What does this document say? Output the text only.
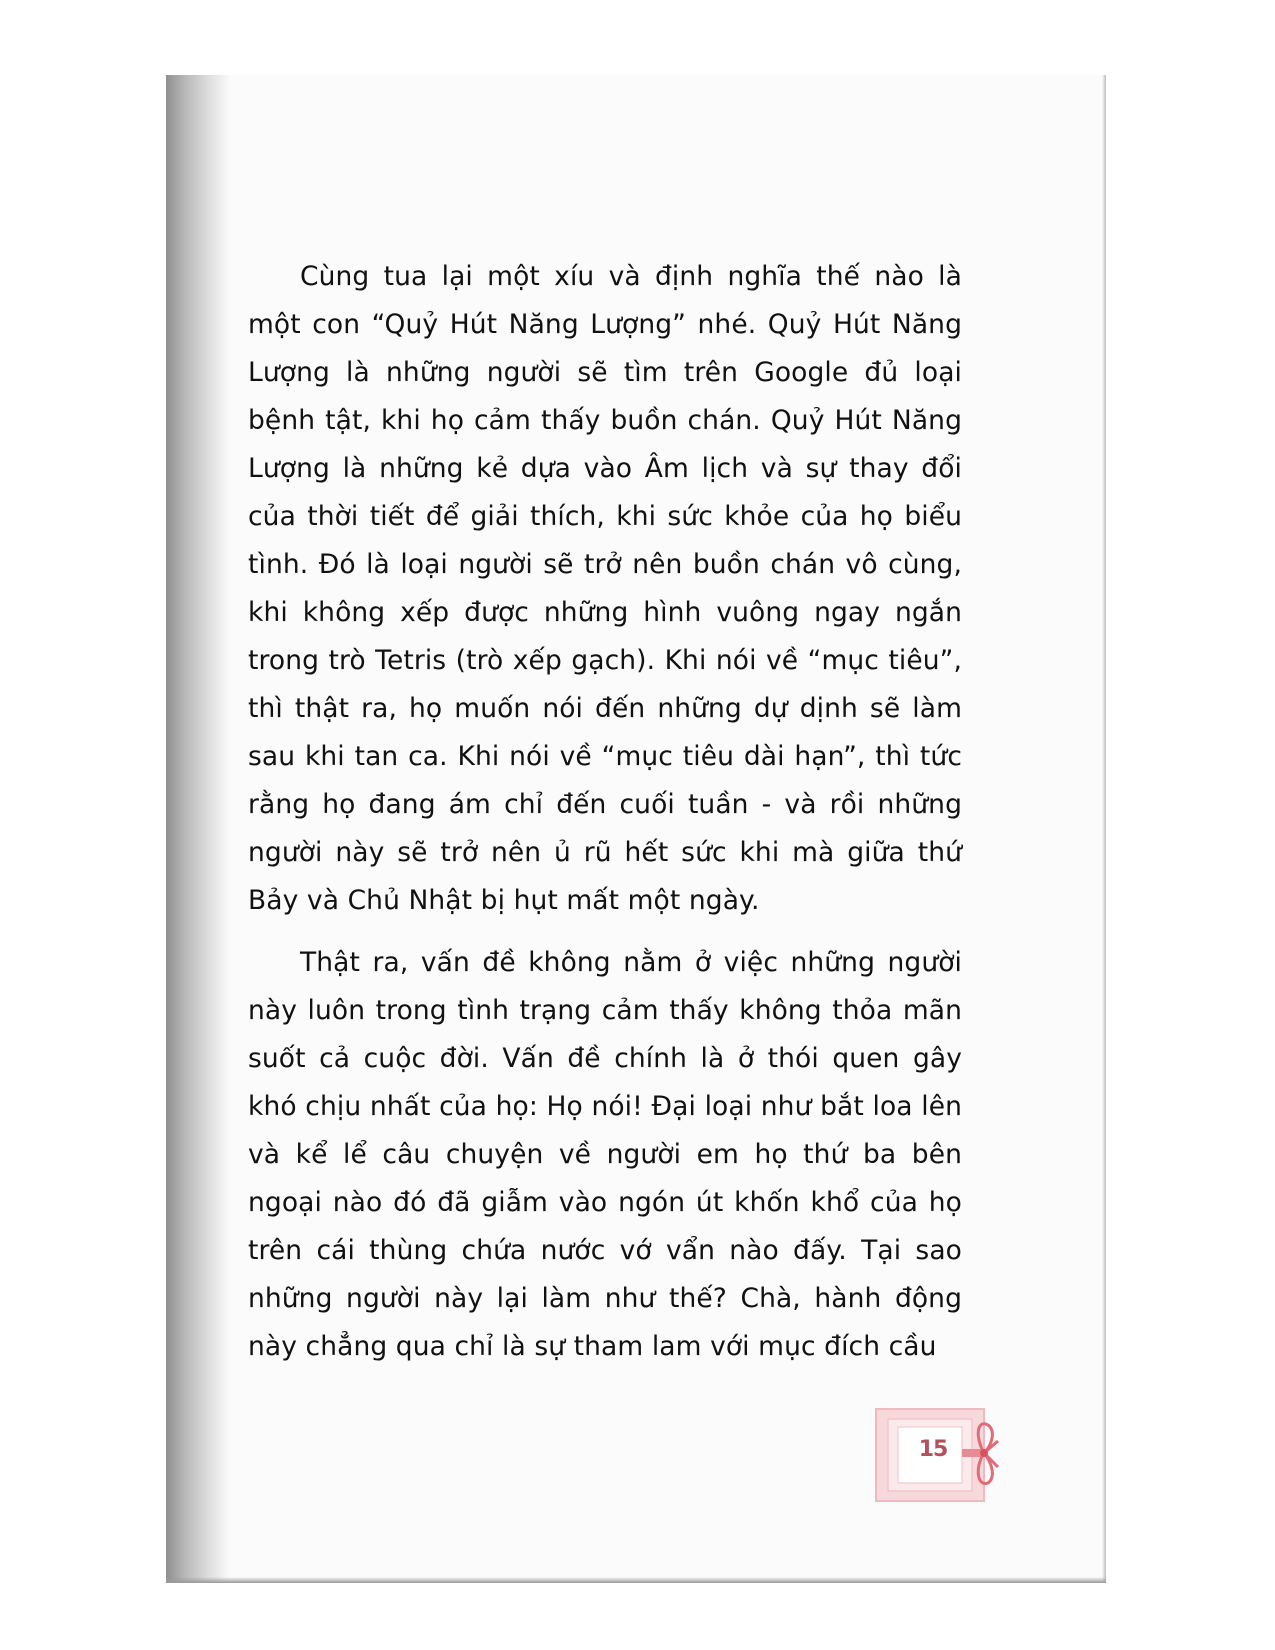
Cùng tua lại một xíu và định nghĩa thế nào là một con “Quỷ Hút Năng Lượng” nhé. Quỷ Hút Năng Lượng là những người sẽ tìm trên Google đủ loại bệnh tật, khi họ cảm thấy buồn chán. Quỷ Hút Năng Lượng là những kẻ dựa vào Âm lịch và sự thay đổi của thời tiết để giải thích, khi sức khỏe của họ biểu tình. Đó là loại người sẽ trở nên buồn chán vô cùng, khi không xếp được những hình vuông ngay ngắn trong trò Tetris (trò xếp gạch). Khi nói về “mục tiêu”, thì thật ra, họ muốn nói đến những dự dịnh sẽ làm sau khi tan ca. Khi nói về “mục tiêu dài hạn”, thì tức rằng họ đang ám chỉ đến cuối tuần - và rồi những người này sẽ trở nên ủ rũ hết sức khi mà giữa thứ Bảy và Chủ Nhật bị hụt mất một ngày.

Thật ra, vấn đề không nằm ở việc những người này luôn trong tình trạng cảm thấy không thỏa mãn suốt cả cuộc đời. Vấn đề chính là ở thói quen gây khó chịu nhất của họ: Họ nói! Đại loại như bắt loa lên và kể lể câu chuyện về người em họ thứ ba bên ngoại nào đó đã giẫm vào ngón út khốn khổ của họ trên cái thùng chứa nước vớ vẩn nào đấy. Tại sao những người này lại làm như thế? Chà, hành động này chẳng qua chỉ là sự tham lam với mục đích cầu

15
